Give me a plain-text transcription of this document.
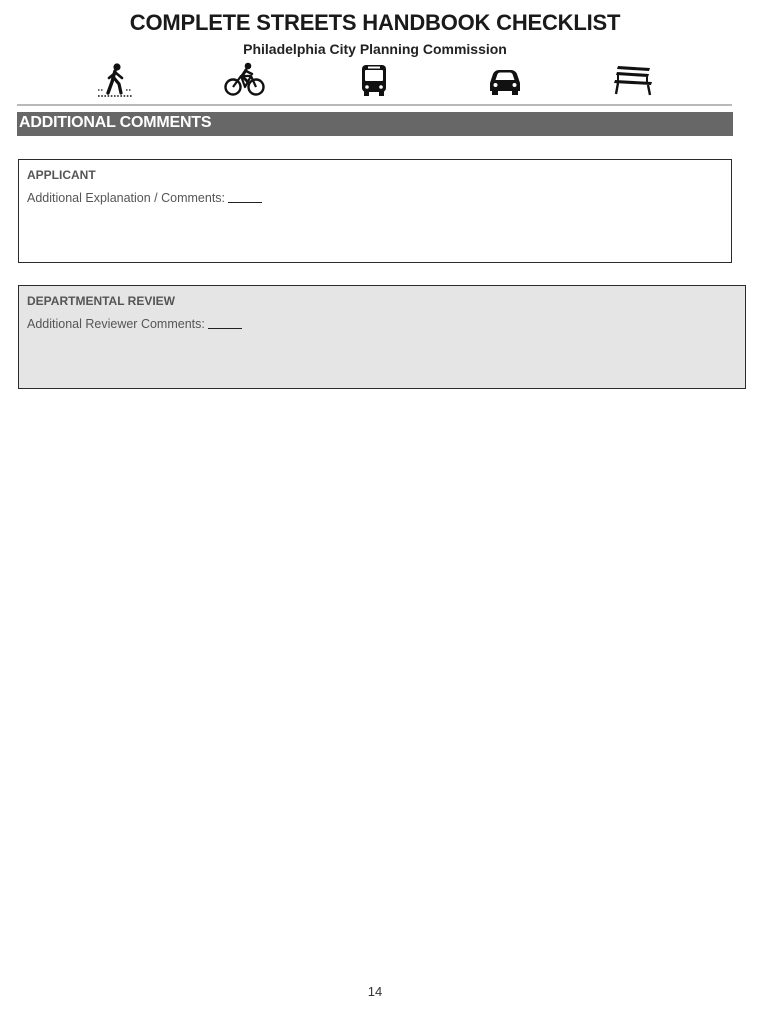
COMPLETE STREETS HANDBOOK CHECKLIST
Philadelphia City Planning Commission
ADDITIONAL COMMENTS
APPLICANT
Additional Explanation / Comments:
DEPARTMENTAL REVIEW
Additional Reviewer Comments:
14
